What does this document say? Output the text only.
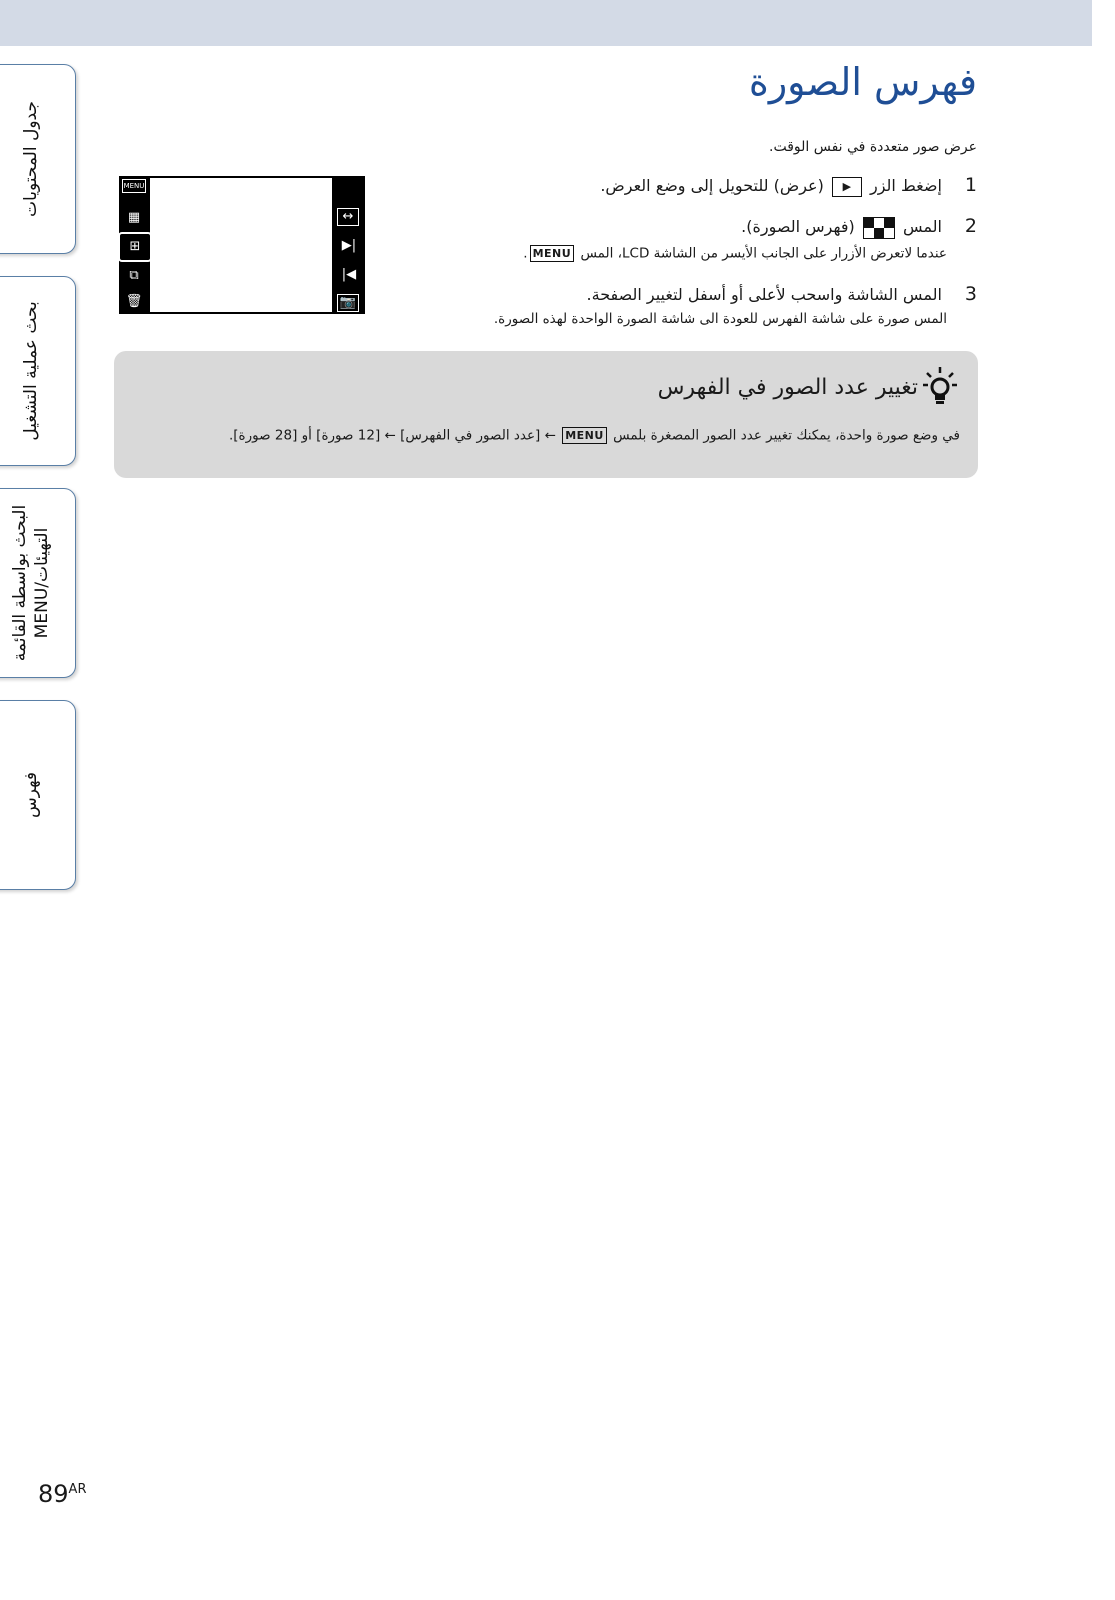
جدول المحتويات
بحث عملية التشغيل
البحث بواسطة القائمة MENU/التهيئات
فهرس
فهرس الصورة
عرض صور متعددة في نفس الوقت.
1 إضغط الزر ▶ (عرض) للتحويل إلى وضع العرض.
2 المس  (فهرس الصورة).
عندما لاتعرض الأزرار على الجانب الأيسر من الشاشة LCD، المس MENU.
3 المس الشاشة واسحب لأعلى أو أسفل لتغيير الصفحة.
المس صورة على شاشة الفهرس للعودة الى شاشة الصورة الواحدة لهذه الصورة.
MENU
▦
⊞
⧉
🗑
↔
▶|
|◀
📷
تغيير عدد الصور في الفهرس
في وضع صورة واحدة، يمكنك تغيير عدد الصور المصغرة بلمس MENU ← [عدد الصور في الفهرس] ← [12 صورة] أو [28 صورة].
$89^{AR}$
